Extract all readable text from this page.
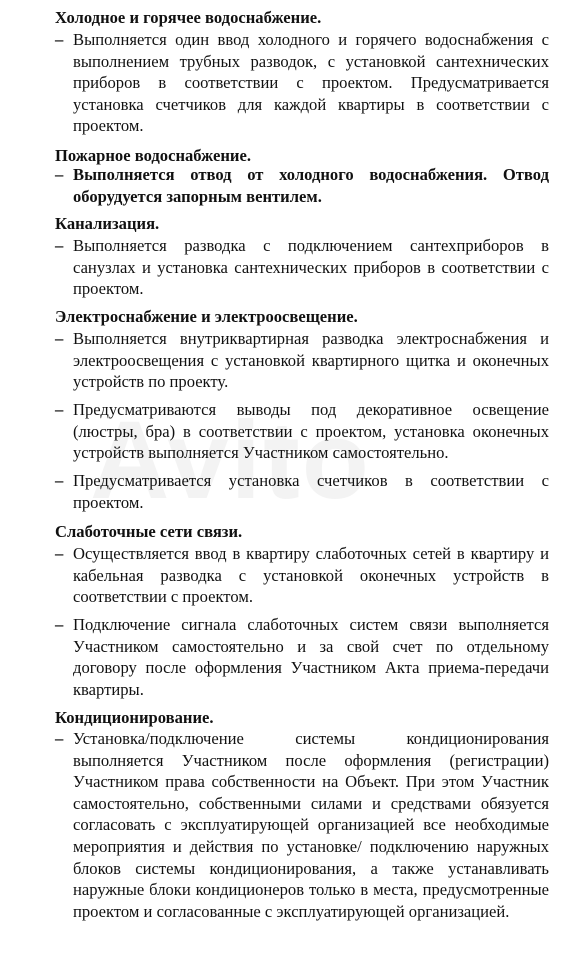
Холодное и горячее водоснабжение.
– Выполняется один ввод холодного и горячего водоснабжения с выполнением трубных разводок, с установкой сантехнических приборов в соответствии с проектом. Предусматривается установка счетчиков для каждой квартиры в соответствии с проектом.
Пожарное водоснабжение.
– Выполняется отвод от холодного водоснабжения. Отвод оборудуется запорным вентилем.
Канализация.
– Выполняется разводка с подключением сантехприборов в санузлах и установка сантехнических приборов в соответствии с проектом.
Электроснабжение и электроосвещение.
– Выполняется внутриквартирная разводка электроснабжения и электроосвещения с установкой квартирного щитка и оконечных устройств по проекту.
– Предусматриваются выводы под декоративное освещение (люстры, бра) в соответствии с проектом, установка оконечных устройств выполняется Участником самостоятельно.
– Предусматривается установка счетчиков в соответствии с проектом.
Слаботочные сети связи.
– Осуществляется ввод в квартиру слаботочных сетей в квартиру и кабельная разводка с установкой оконечных устройств в соответствии с проектом.
– Подключение сигнала слаботочных систем связи выполняется Участником самостоятельно и за свой счет по отдельному договору после оформления Участником Акта приема-передачи квартиры.
Кондиционирование.
– Установка/подключение системы кондиционирования выполняется Участником после оформления (регистрации) Участником права собственности на Объект. При этом Участник самостоятельно, собственными силами и средствами обязуется согласовать с эксплуатирующей организацией все необходимые мероприятия и действия по установке/ подключению наружных блоков системы кондиционирования, а также устанавливать наружные блоки кондиционеров только в места, предусмотренные проектом и согласованные с эксплуатирующей организацией.
